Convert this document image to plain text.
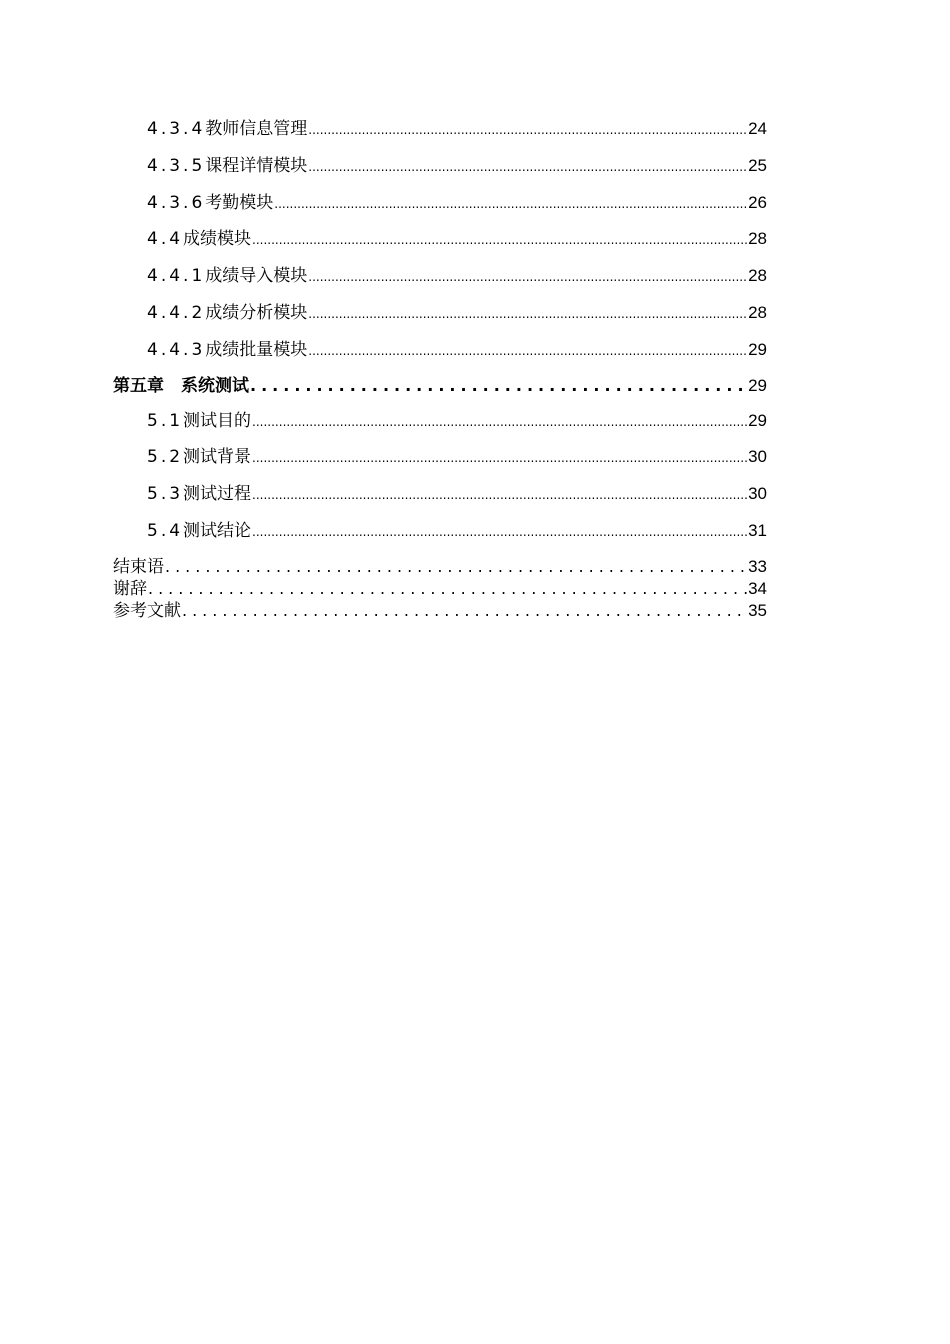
4.3.4教师信息管理 .....	24
4.3.5课程详情模块 .....	25
4.3.6考勤模块 .....	26
4.4成绩模块 .....	28
4.4.1成绩导入模块 .....	28
4.4.2成绩分析模块 .....	28
4.4.3成绩批量模块 .....	29
第五章　系统测试 .....	29
5.1测试目的 .....	29
5.2测试背景 .....	30
5.3测试过程 .....	30
5.4测试结论 .....	31
结束语 .....	33
谢辞 .....	34
参考文献 .....	35
